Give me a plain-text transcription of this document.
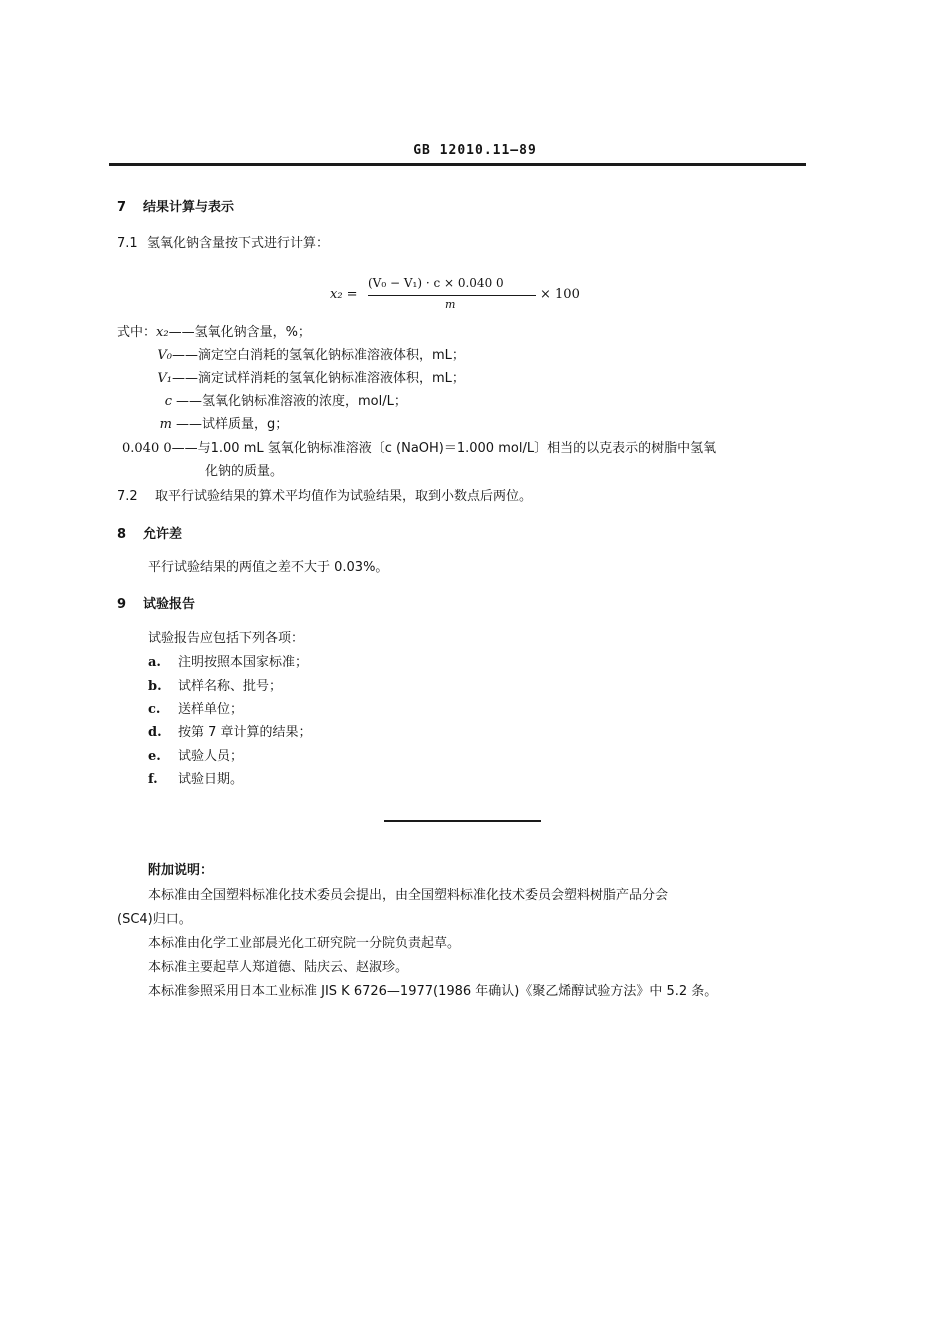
GB 12010.11—89
7 结果计算与表示
7.1 氢氧化钠含量按下式进行计算：
x₂ =
(V₀ − V₁) · c × 0.040 0
m
× 100
式中：x₂——氢氧化钠含量，%；
V₀——滴定空白消耗的氢氧化钠标准溶液体积，mL；
V₁——滴定试样消耗的氢氧化钠标准溶液体积，mL；
c ——氢氧化钠标准溶液的浓度，mol/L；
m ——试样质量，g；
0.040 0——与1.00 mL 氢氧化钠标准溶液〔c (NaOH)＝1.000 mol/L〕相当的以克表示的树脂中氢氧
化钠的质量。
7.2 取平行试验结果的算术平均值作为试验结果，取到小数点后两位。
8 允许差
平行试验结果的两值之差不大于 0.03%。
9 试验报告
试验报告应包括下列各项：
a. 注明按照本国家标准；
b. 试样名称、批号；
c. 送样单位；
d. 按第 7 章计算的结果；
e. 试验人员；
f. 试验日期。
附加说明：
本标准由全国塑料标准化技术委员会提出，由全国塑料标准化技术委员会塑料树脂产品分会
(SC4)归口。
本标准由化学工业部晨光化工研究院一分院负责起草。
本标准主要起草人郑道德、陆庆云、赵淑珍。
本标准参照采用日本工业标准 JIS K 6726—1977(1986 年确认)《聚乙烯醇试验方法》中 5.2 条。
